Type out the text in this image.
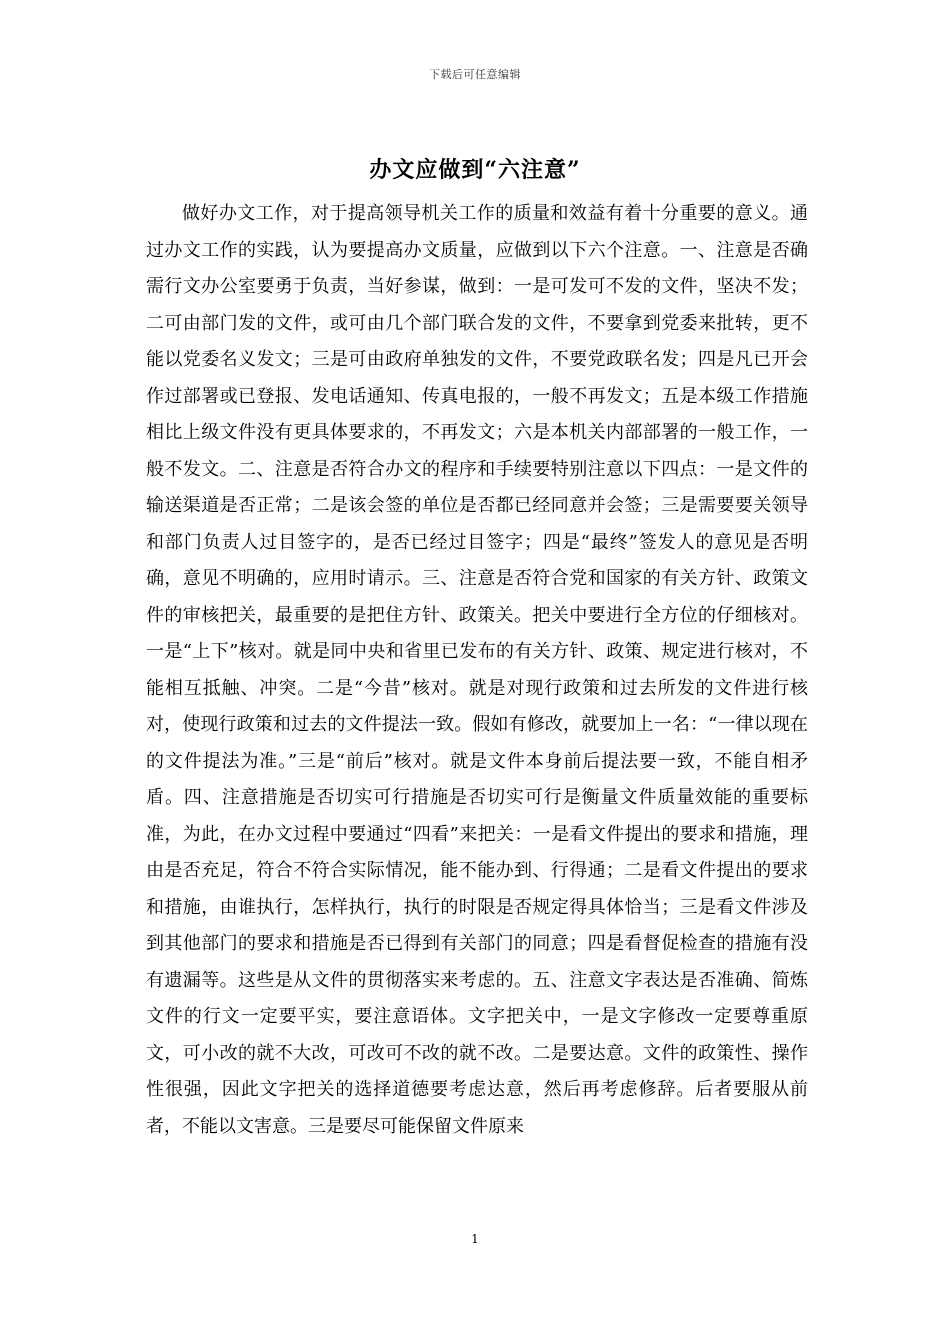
下载后可任意编辑
办文应做到“六注意”

做好办文工作，对于提高领导机关工作的质量和效益有着十分重要的意义。通过办文工作的实践，认为要提高办文质量，应做到以下六个注意。一、注意是否确需行文办公室要勇于负责，当好参谋，做到：一是可发可不发的文件，坚决不发；二可由部门发的文件，或可由几个部门联合发的文件，不要拿到党委来批转，更不能以党委名义发文；三是可由政府单独发的文件，不要党政联名发；四是凡已开会作过部署或已登报、发电话通知、传真电报的，一般不再发文；五是本级工作措施相比上级文件没有更具体要求的，不再发文；六是本机关内部部署的一般工作，一般不发文。二、注意是否符合办文的程序和手续要特别注意以下四点：一是文件的输送渠道是否正常；二是该会签的单位是否都已经同意并会签；三是需要要关领导和部门负责人过目签字的，是否已经过目签字；四是“最终”签发人的意见是否明确，意见不明确的，应用时请示。三、注意是否符合党和国家的有关方针、政策文件的审核把关，最重要的是把住方针、政策关。把关中要进行全方位的仔细核对。一是“上下”核对。就是同中央和省里已发布的有关方针、政策、规定进行核对，不能相互抵触、冲突。二是“今昔”核对。就是对现行政策和过去所发的文件进行核对，使现行政策和过去的文件提法一致。假如有修改，就要加上一名：“一律以现在的文件提法为准。”三是“前后”核对。就是文件本身前后提法要一致，不能自相矛盾。四、注意措施是否切实可行措施是否切实可行是衡量文件质量效能的重要标准，为此，在办文过程中要通过“四看”来把关：一是看文件提出的要求和措施，理由是否充足，符合不符合实际情况，能不能办到、行得通；二是看文件提出的要求和措施，由谁执行，怎样执行，执行的时限是否规定得具体恰当；三是看文件涉及到其他部门的要求和措施是否已得到有关部门的同意；四是看督促检查的措施有没有遗漏等。这些是从文件的贯彻落实来考虑的。五、注意文字表达是否准确、简炼文件的行文一定要平实，要注意语体。文字把关中，一是文字修改一定要尊重原文，可小改的就不大改，可改可不改的就不改。二是要达意。文件的政策性、操作性很强，因此文字把关的选择道德要考虑达意，然后再考虑修辞。后者要服从前者，不能以文害意。三是要尽可能保留文件原来

1
